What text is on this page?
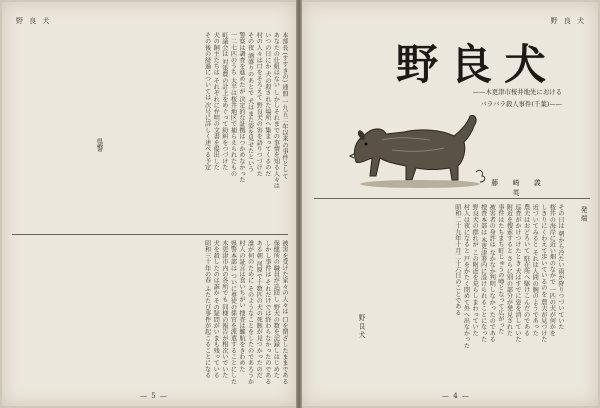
野 良 犬
本部長 (すすきの) 連盟 一九五二年以来の事件として
あなたの仕組はない しかしそれまでの事情を知る人々は
いつの日にか 犬の殺された場所へ集まってくるのだ
村の人々は口をそろえて 野良犬の害を語りつづけた
その夜 酒盛りのあとで 犬はまた姿を見せたという
警察は調査を進めたが 決定的な証拠はつかめなかった
一二七匹のうち 大半は桜井地区で捕らえられたもの
町議会は 対策費の計上をめぐって紛糾をつづけた
犬の飼主たちは それぞれに弁明の文書を提出した
その後の経過については 次号に詳しく述べる予定
県警
被害を受けた家々の人々は 口を閉ざしたままである
保健所の職員が巡回し 野犬の数を記録しはじめた
しかし事件は それだけでは終わらなかったのである
ある朝 河原で十数匹の犬の死骸が見つかったのだ
誰が何のために そのようなことをしたのであろうか
村人の証言は食いちがい 捜査は難航をきわめた
県警本部は ついに専従の係官を派遣することにした
木更津市内の各所でも 同様の報告が相次いでいた
犬を殺したのは誰か その疑問がいまも残っている
昭和三十年の春 ふたたび事件が起こることになる
— 5 —
野 良 犬
野良犬
——木更津市桜井地先における
バラバラ殺人事件(千葉)——
藤 崎 義 英
その日は 朝から冷たい雨が降りつづいていた
桜井の海岸に近い畑のなかで 一匹の犬が何かを
しきりにくわえて歩いているのを 農夫が見つけた
近づいてみると それは人間の腕のようであった
農夫はおどろいて 駐在所へ駆けこんだのである
巡査がかけつけたとき 犬はすでに姿を消していた
附近を捜索すると さらに別の部分が発見された
事件はたちまち町じゅうの噂となって広がった
被害者の身許は なかなか判明しなかったのである
捜査本部は 木更津署内に設けられることになった
野良犬の群れが この附近を荒らしまわっていた
村人は夜になると 戸をかたく閉めて外へ出なかった
昭和二十九年十月二十六日のことである	発 端
野 良 犬
— 4 —
